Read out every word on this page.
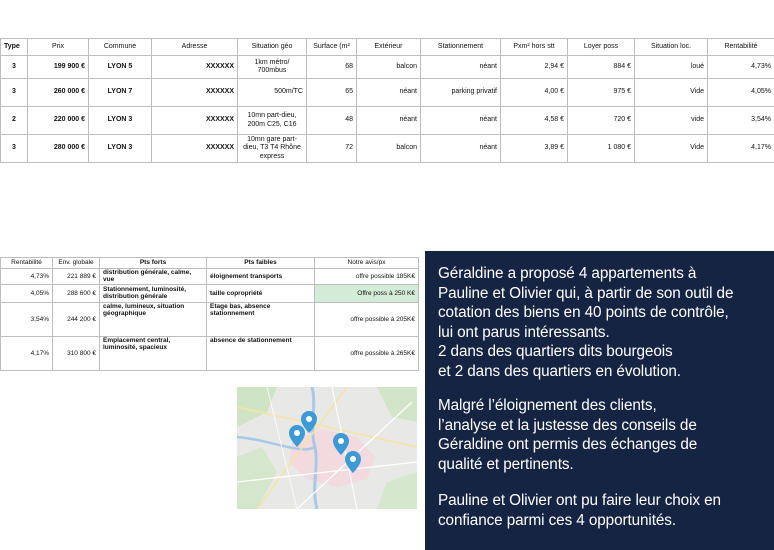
Type	Prix	Commune	Adresse	Situation géo	Surface (m²	Extérieur	Stationnement	Pxm² hors stt	Loyer poss	Situation loc.	Rentabilité
3	199 900 €	LYON 5	XXXXXX	1km métro/ 700mbus	68	balcon	néant	2,94 €	884 €	loué	4,73%
3	260 000 €	LYON 7	XXXXXX	500m/TC	65	néant	parking privatif	4,00 €	975 €	Vide	4,05%
2	220 000 €	LYON 3	XXXXXX	10mn part-dieu, 200m C25, C16	48	néant	néant	4,58 €	720 €	vide	3,54%
3	280 000 €	LYON 3	XXXXXX	10mn gare part-dieu, T3 T4 Rhône express	72	balcon	néant	3,89 €	1 080 €	Vide	4,17%
Rentabilité	Env. globale	Pts forts	Pts faibles	Notre avis/px
4,73%	221 889 €	distribution générale, calme, vue	éloignement transports	offre possible 185K€
4,05%	288 600 €	Stationnement, luminosité, distribution générale	taille copropriété	Offre poss à 250 K€
3,54%	244 200 €	calme, lumineux, situation géographique	Etage bas, absence stationnement	offre possible à 205K€
4,17%	310 800 €	Emplacement central, luminosité, spacieux	absence de stationnement	offre possible à 265K€

Géraldine a proposé 4 appartements à
Pauline et Olivier qui, à partir de son outil de
cotation des biens en 40 points de contrôle,
lui ont parus intéressants.
2 dans des quartiers dits bourgeois
et 2 dans des quartiers en évolution.

Malgré l’éloignement des clients,
l’analyse et la justesse des conseils de
Géraldine ont permis des échanges de
qualité et pertinents.

Pauline et Olivier ont pu faire leur choix en
confiance parmi ces 4 opportunités.
